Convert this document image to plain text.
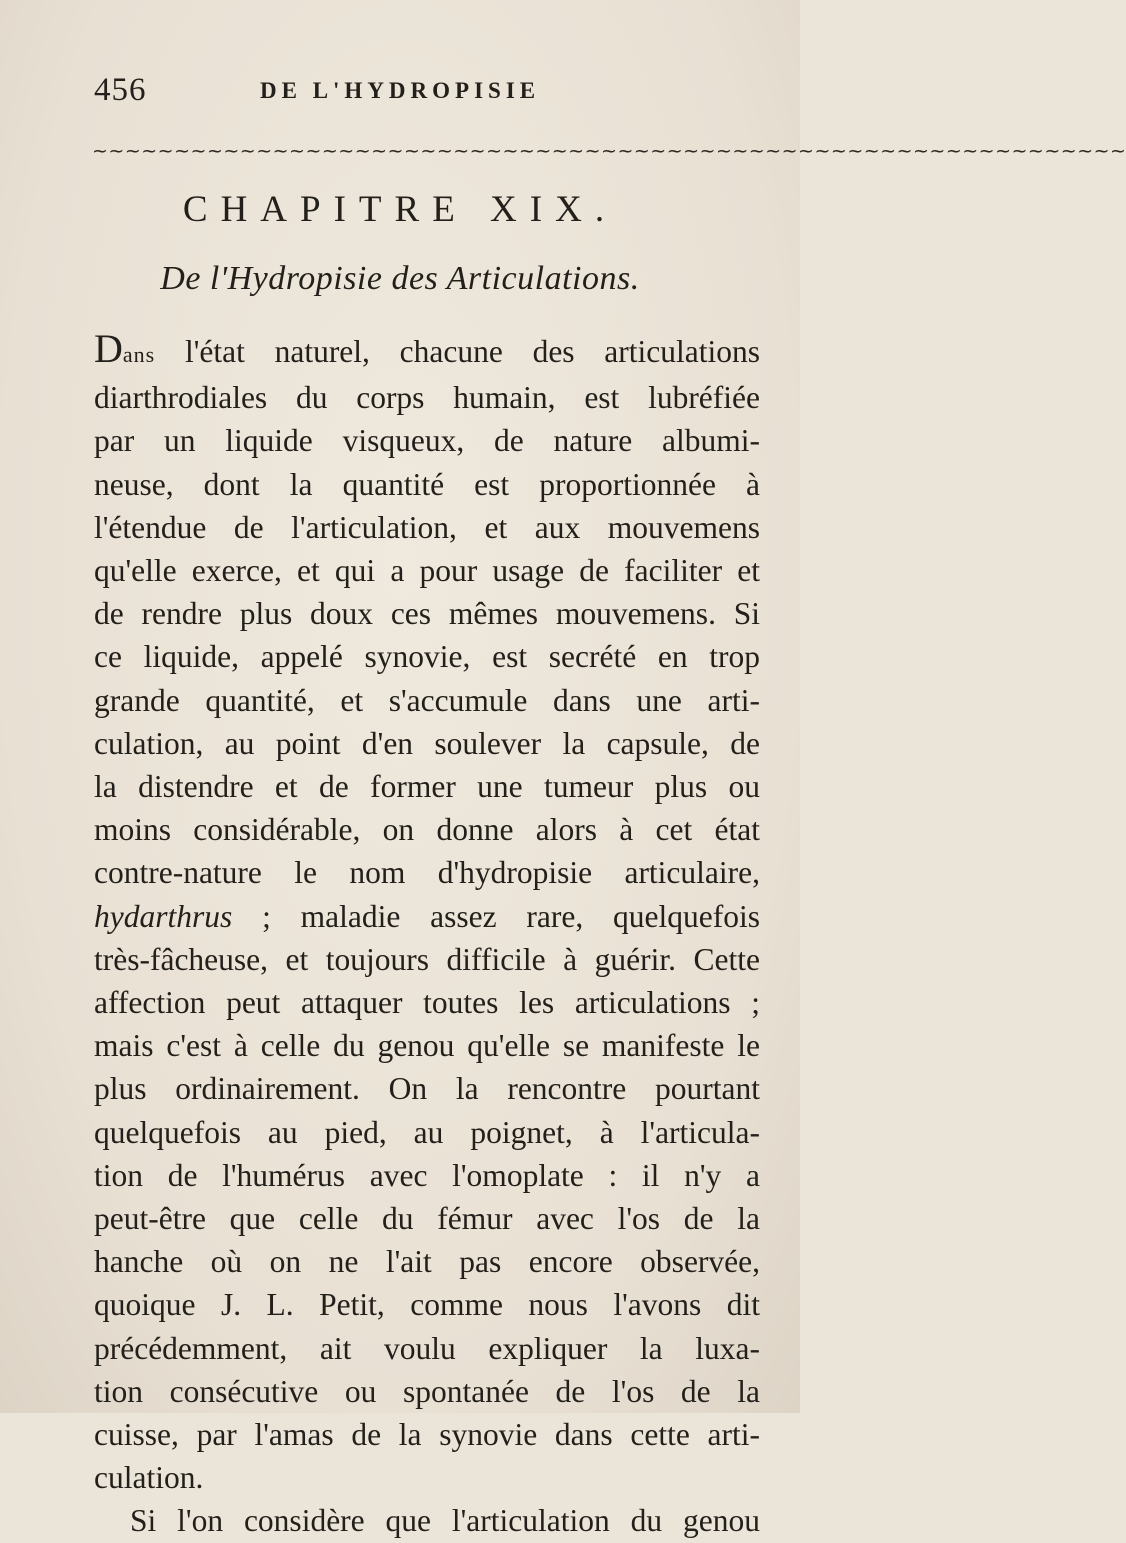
456	DE L'HYDROPISIE
~~~~~~~~~~~~~~~~~~~~~~~~~~~~~~~~~~~~~~~~~~~~~~~~~~~~~~~~~~~~~~~
CHAPITRE XIX.
De l'Hydropisie des Articulations.
Dans l'état naturel, chacune des articulations
diarthrodiales du corps humain, est lubréfiée
par un liquide visqueux, de nature albumi-
neuse, dont la quantité est proportionnée à
l'étendue de l'articulation, et aux mouvemens
qu'elle exerce, et qui a pour usage de faciliter et
de rendre plus doux ces mêmes mouvemens. Si
ce liquide, appelé synovie, est secrété en trop
grande quantité, et s'accumule dans une arti-
culation, au point d'en soulever la capsule, de
la distendre et de former une tumeur plus ou
moins considérable, on donne alors à cet état
contre-nature le nom d'hydropisie articulaire,
hydarthrus ; maladie assez rare, quelquefois
très-fâcheuse, et toujours difficile à guérir. Cette
affection peut attaquer toutes les articulations ;
mais c'est à celle du genou qu'elle se manifeste le
plus ordinairement. On la rencontre pourtant
quelquefois au pied, au poignet, à l'articula-
tion de l'humérus avec l'omoplate : il n'y a
peut-être que celle du fémur avec l'os de la
hanche où on ne l'ait pas encore observée,
quoique J. L. Petit, comme nous l'avons dit
précédemment, ait voulu expliquer la luxa-
tion consécutive ou spontanée de l'os de la
cuisse, par l'amas de la synovie dans cette arti-
culation.
Si l'on considère que l'articulation du genou
